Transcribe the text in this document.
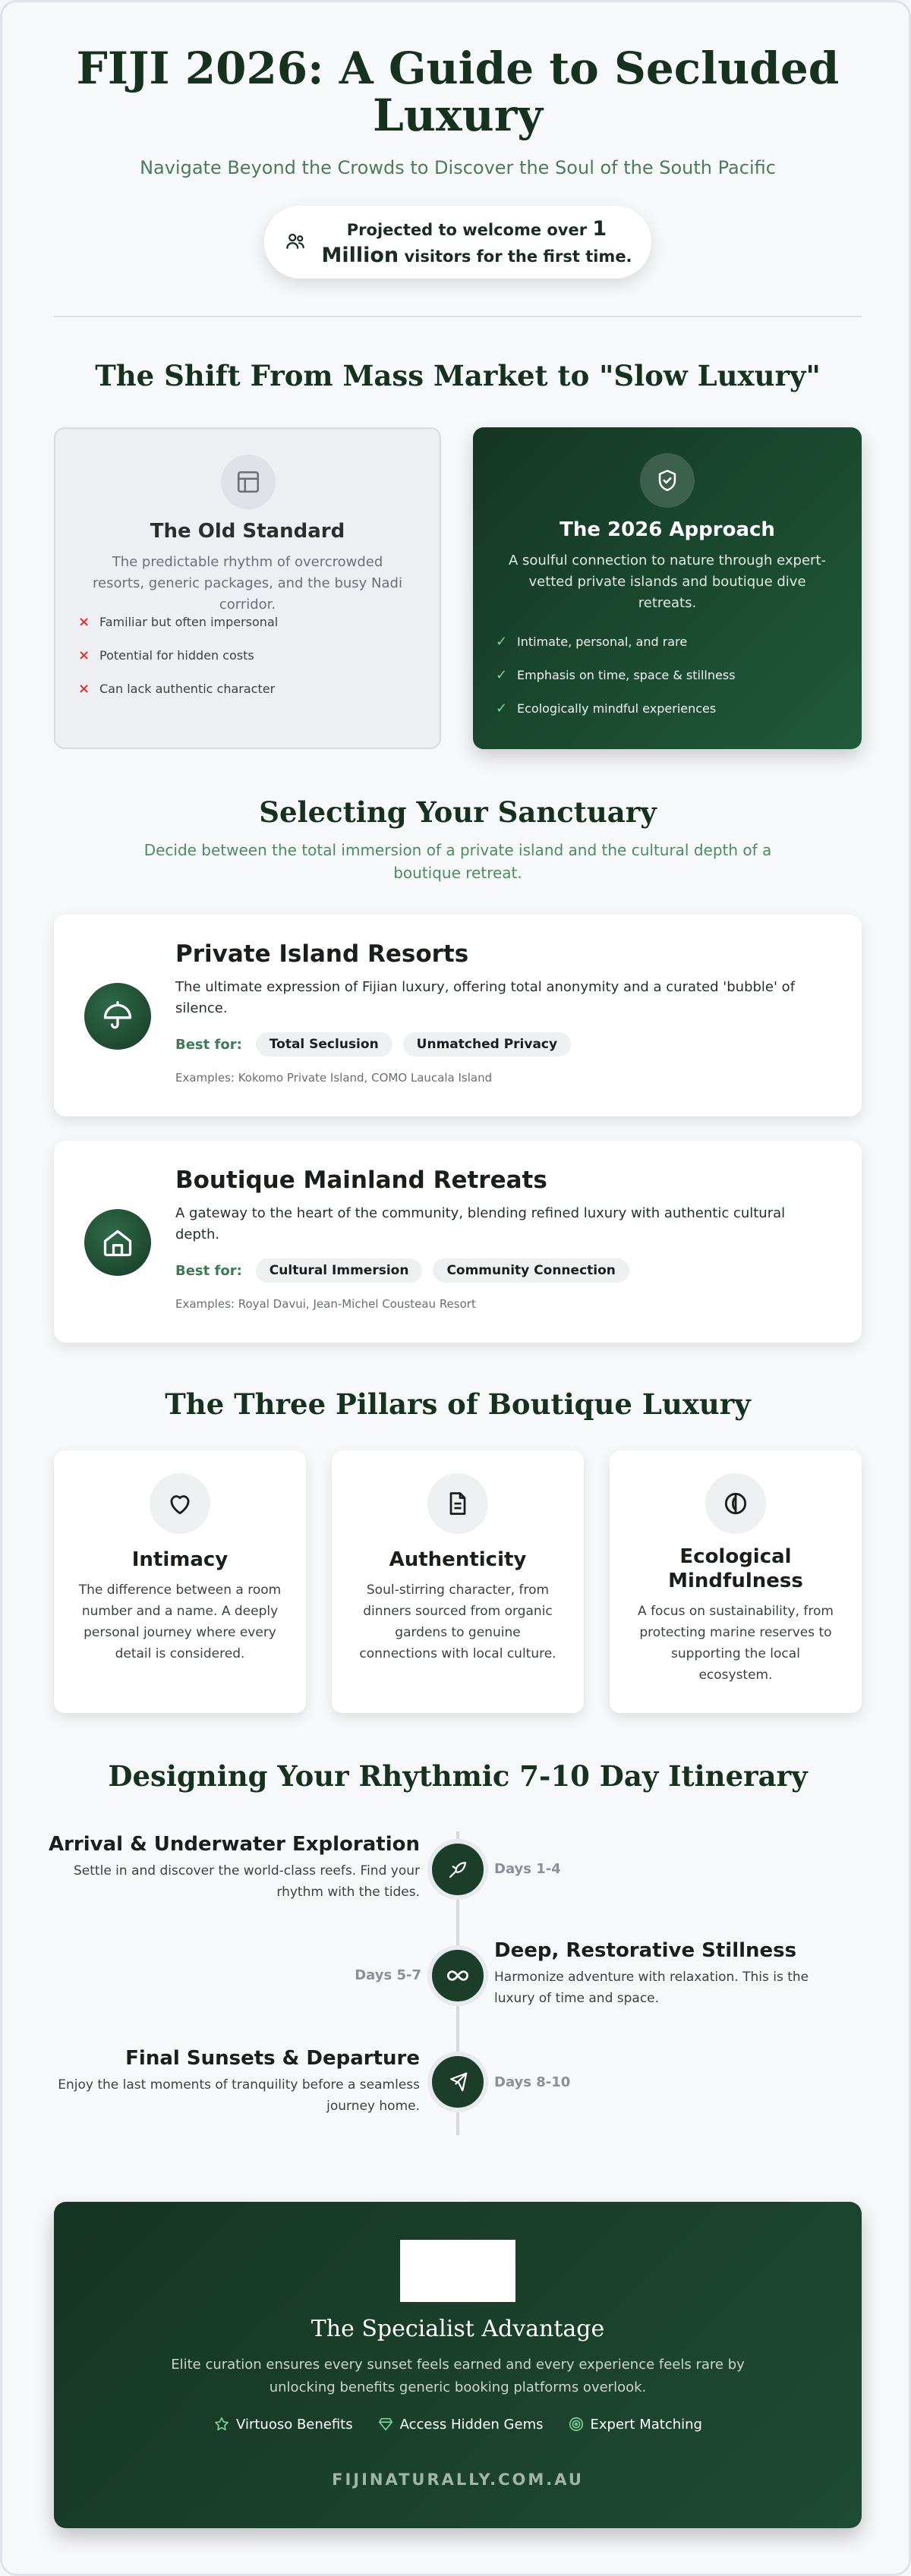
FIJI 2026: A Guide to Secluded Luxury

Navigate Beyond the Crowds to Discover the Soul of the South Pacific

Projected to welcome over 1 Million visitors for the first time.
The Shift From Mass Market to "Slow Luxury"
The Old Standard
The predictable rhythm of overcrowded resorts, generic packages, and the busy Nadi corridor.
× Familiar but often impersonal
× Potential for hidden costs
× Can lack authentic character
The 2026 Approach
A soulful connection to nature through expert-vetted private islands and boutique dive retreats.
✓ Intimate, personal, and rare
✓ Emphasis on time, space & stillness
✓ Ecologically mindful experiences
Selecting Your Sanctuary

Decide between the total immersion of a private island and the cultural depth of a boutique retreat.

Private Island Resorts
The ultimate expression of Fijian luxury, offering total anonymity and a curated 'bubble' of silence.
Best for:	Total Seclusion	Unmatched Privacy
Examples: Kokomo Private Island, COMO Laucala Island
Boutique Mainland Retreats
A gateway to the heart of the community, blending refined luxury with authentic cultural depth.
Best for:	Cultural Immersion	Community Connection
Examples: Royal Davui, Jean-Michel Cousteau Resort
The Three Pillars of Boutique Luxury
Intimacy
The difference between a room number and a name. A deeply personal journey where every detail is considered.
Authenticity
Soul-stirring character, from dinners sourced from organic gardens to genuine connections with local culture.
Ecological Mindfulness
A focus on sustainability, from protecting marine reserves to supporting the local ecosystem.
Designing Your Rhythmic 7-10 Day Itinerary
Arrival & Underwater Exploration
Settle in and discover the world-class reefs. Find your rhythm with the tides.
Days 1-4
Days 5-7
Deep, Restorative Stillness
Harmonize adventure with relaxation. This is the luxury of time and space.
Final Sunsets & Departure
Enjoy the last moments of tranquility before a seamless journey home.
Days 8-10
The Specialist Advantage
Elite curation ensures every sunset feels earned and every experience feels rare by unlocking benefits generic booking platforms overlook.
Virtuoso Benefits	Access Hidden Gems	Expert Matching
FIJINATURALLY.COM.AU
